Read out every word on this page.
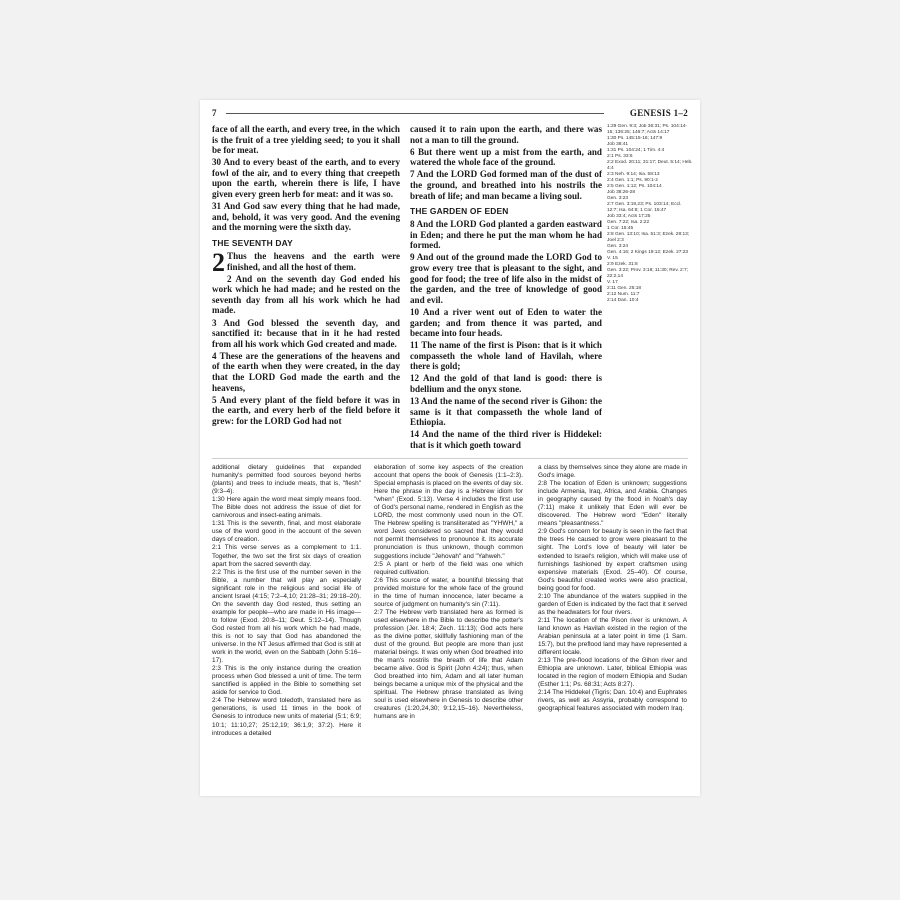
7	GENESIS 1–2

face of all the earth, and every tree, in the which is the fruit of a tree yielding seed; to you it shall be for meat.

30 And to every beast of the earth, and to every fowl of the air, and to every thing that creepeth upon the earth, wherein there is life, I have given every green herb for meat: and it was so.

31 And God saw every thing that he had made, and, behold, it was very good. And the evening and the morning were the sixth day.

THE SEVENTH DAY

2 Thus the heavens and the earth were finished, and all the host of them.

2 And on the seventh day God ended his work which he had made; and he rested on the seventh day from all his work which he had made.

3 And God blessed the seventh day, and sanctified it: because that in it he had rested from all his work which God created and made.

4 These are the generations of the heavens and of the earth when they were created, in the day that the LORD God made the earth and the heavens,

5 And every plant of the field before it was in the earth, and every herb of the field before it grew: for the LORD God had not

caused it to rain upon the earth, and there was not a man to till the ground.

6 But there went up a mist from the earth, and watered the whole face of the ground.

7 And the LORD God formed man of the dust of the ground, and breathed into his nostrils the breath of life; and man became a living soul.

THE GARDEN OF EDEN

8 And the LORD God planted a garden eastward in Eden; and there he put the man whom he had formed.

9 And out of the ground made the LORD God to grow every tree that is pleasant to the sight, and good for food; the tree of life also in the midst of the garden, and the tree of knowledge of good and evil.

10 And a river went out of Eden to water the garden; and from thence it was parted, and became into four heads.

11 The name of the first is Pison: that is it which compasseth the whole land of Havilah, where there is gold;

12 And the gold of that land is good: there is bdellium and the onyx stone.

13 And the name of the second river is Gihon: the same is it that compasseth the whole land of Ethiopia.

14 And the name of the third river is Hiddekel: that is it which goeth toward

1:29 Gen. 9:3; Job 36:31; Ps. 104:14-15; 136:25; 146:7; Acts 14:17

1:30 Ps. 145:15-16; 147:9

Job 38:41

1:31 Ps. 104:24; 1 Tim. 4:4

2:1 Ps. 33:6

2:2 Exod. 20:11; 31:17; Deut. 5:14; Heb. 4:4

2:3 Neh. 9:14; Isa. 58:13

2:4 Gen. 1:1; Ps. 90:1-2

2:5 Gen. 1:12; Ps. 104:14

Job 38:26-28

Gen. 3:23

2:7 Gen. 3:19,23; Ps. 103:14; Eccl. 12:7; Isa. 64:8; 1 Cor. 15:47

Job 33:4; Acts 17:25

Gen. 7:22; Isa. 2:22

1 Cor. 15:45

2:8 Gen. 13:10; Isa. 51:3; Ezek. 28:13; Joel 2:3

Gen. 3:24

Gen. 4:16; 2 Kings 19:12; Ezek. 27:23

V. 15

2:9 Ezek. 31:8

Gen. 3:22; Prov. 3:18; 11:30; Rev. 2:7; 22:2,14

V. 17

2:11 Gen. 25:18

2:12 Num. 11:7

2:14 Dan. 10:4

additional dietary guidelines that expanded humanity's permitted food sources beyond herbs (plants) and trees to include meats, that is, "flesh" (9:3–4).

1:30 Here again the word meat simply means food. The Bible does not address the issue of diet for carnivorous and insect-eating animals.

1:31 This is the seventh, final, and most elaborate use of the word good in the account of the seven days of creation.

2:1 This verse serves as a complement to 1:1. Together, the two set the first six days of creation apart from the sacred seventh day.

2:2 This is the first use of the number seven in the Bible, a number that will play an especially significant role in the religious and social life of ancient Israel (4:15; 7:2–4,10; 21:28–31; 29:18–20). On the seventh day God rested, thus setting an example for people—who are made in His image—to follow (Exod. 20:8–11; Deut. 5:12–14). Though God rested from all his work which he had made, this is not to say that God has abandoned the universe. In the NT Jesus affirmed that God is still at work in the world, even on the Sabbath (John 5:16–17).

2:3 This is the only instance during the creation process when God blessed a unit of time. The term sanctified is applied in the Bible to something set aside for service to God.

2:4 The Hebrew word toledoth, translated here as generations, is used 11 times in the book of Genesis to introduce new units of material (5:1; 6:9; 10:1; 11:10,27; 25:12,19; 36:1,9; 37:2). Here it introduces a detailed

elaboration of some key aspects of the creation account that opens the book of Genesis (1:1–2:3). Special emphasis is placed on the events of day six. Here the phrase in the day is a Hebrew idiom for "when" (Exod. 5:13). Verse 4 includes the first use of God's personal name, rendered in English as the LORD, the most commonly used noun in the OT. The Hebrew spelling is transliterated as "YHWH," a word Jews considered so sacred that they would not permit themselves to pronounce it. Its accurate pronunciation is thus unknown, though common suggestions include "Jehovah" and "Yahweh."

2:5 A plant or herb of the field was one which required cultivation.

2:6 This source of water, a bountiful blessing that provided moisture for the whole face of the ground in the time of human innocence, later became a source of judgment on humanity's sin (7:11).

2:7 The Hebrew verb translated here as formed is used elsewhere in the Bible to describe the potter's profession (Jer. 18:4; Zech. 11:13); God acts here as the divine potter, skillfully fashioning man of the dust of the ground. But people are more than just material beings. It was only when God breathed into the man's nostrils the breath of life that Adam became alive. God is Spirit (John 4:24); thus, when God breathed into him, Adam and all later human beings became a unique mix of the physical and the spiritual. The Hebrew phrase translated as living soul is used elsewhere in Genesis to describe other creatures (1:20,24,30; 9:12,15–16). Nevertheless, humans are in

a class by themselves since they alone are made in God's image.

2:8 The location of Eden is unknown; suggestions include Armenia, Iraq, Africa, and Arabia. Changes in geography caused by the flood in Noah's day (7:11) make it unlikely that Eden will ever be discovered. The Hebrew word "Eden" literally means "pleasantness."

2:9 God's concern for beauty is seen in the fact that the trees He caused to grow were pleasant to the sight. The Lord's love of beauty will later be extended to Israel's religion, which will make use of furnishings fashioned by expert craftsmen using expensive materials (Exod. 25–40). Of course, God's beautiful created works were also practical, being good for food.

2:10 The abundance of the waters supplied in the garden of Eden is indicated by the fact that it served as the headwaters for four rivers.

2:11 The location of the Pison river is unknown. A land known as Havilah existed in the region of the Arabian peninsula at a later point in time (1 Sam. 15:7), but the preflood land may have represented a different locale.

2:13 The pre-flood locations of the Gihon river and Ethiopia are unknown. Later, biblical Ethiopia was located in the region of modern Ethiopia and Sudan (Esther 1:1; Ps. 68:31; Acts 8:27).

2:14 The Hiddekel (Tigris; Dan. 10:4) and Euphrates rivers, as well as Assyria, probably correspond to geographical features associated with modern Iraq.
